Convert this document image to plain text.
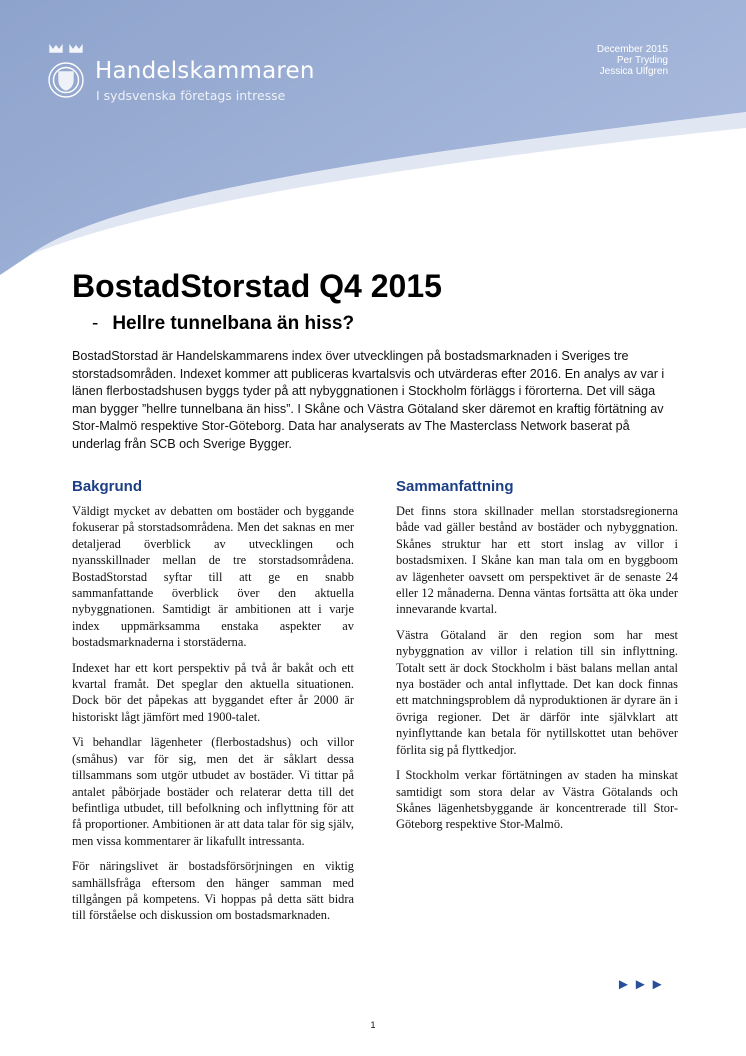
Handelskammaren
I sydsvenska företags intresse
December 2015
Per Tryding
Jessica Ulfgren
BostadStorstad Q4 2015
- Hellre tunnelbana än hiss?

BostadStorstad är Handelskammarens index över utvecklingen på bostadsmarknaden i Sveriges tre storstadsområden. Indexet kommer att publiceras kvartalsvis och utvärderas efter 2016. En analys av var i länen flerbostadshusen byggs tyder på att nybyggnationen i Stockholm förläggs i förorterna. Det vill säga man bygger ”hellre tunnelbana än hiss”. I Skåne och Västra Götaland sker däremot en kraftig förtätning av Stor-Malmö respektive Stor-Göteborg. Data har analyserats av The Masterclass Network baserat på underlag från SCB och Sverige Bygger.

Bakgrund

Väldigt mycket av debatten om bostäder och byggande fokuserar på storstadsområdena. Men det saknas en mer detaljerad överblick av utvecklingen och nyansskillnader mellan de tre storstadsområdena. BostadStorstad syftar till att ge en snabb sammanfattande överblick över den aktuella nybyggnationen. Samtidigt är ambitionen att i varje index uppmärksamma enstaka aspekter av bostadsmarknaderna i storstäderna.

Indexet har ett kort perspektiv på två år bakåt och ett kvartal framåt. Det speglar den aktuella situationen. Dock bör det påpekas att byggandet efter år 2000 är historiskt lågt jämfört med 1900-talet.

Vi behandlar lägenheter (flerbostadshus) och villor (småhus) var för sig, men det är såklart dessa tillsammans som utgör utbudet av bostäder. Vi tittar på antalet påbörjade bostäder och relaterar detta till det befintliga utbudet, till befolkning och inflyttning för att få proportioner. Ambitionen är att data talar för sig själv, men vissa kommentarer är likafullt intressanta.

För näringslivet är bostadsförsörjningen en viktig samhällsfråga eftersom den hänger samman med tillgången på kompetens. Vi hoppas på detta sätt bidra till förståelse och diskussion om bostadsmarknaden.

Sammanfattning

Det finns stora skillnader mellan storstadsregionerna både vad gäller bestånd av bostäder och nybyggnation. Skånes struktur har ett stort inslag av villor i bostadsmixen. I Skåne kan man tala om en byggboom av lägenheter oavsett om perspektivet är de senaste 24 eller 12 månaderna. Denna väntas fortsätta att öka under innevarande kvartal.

Västra Götaland är den region som har mest nybyggnation av villor i relation till sin inflyttning. Totalt sett är dock Stockholm i bäst balans mellan antal nya bostäder och antal inflyttade. Det kan dock finnas ett matchningsproblem då nyproduktionen är dyrare än i övriga regioner. Det är därför inte självklart att nyinflyttande kan betala för nytillskottet utan behöver förlita sig på flyttkedjor.

I Stockholm verkar förtätningen av staden ha minskat samtidigt som stora delar av Västra Götalands och Skånes lägenhetsbyggande är koncentrerade till Stor-Göteborg respektive Stor-Malmö.

►►►
1
